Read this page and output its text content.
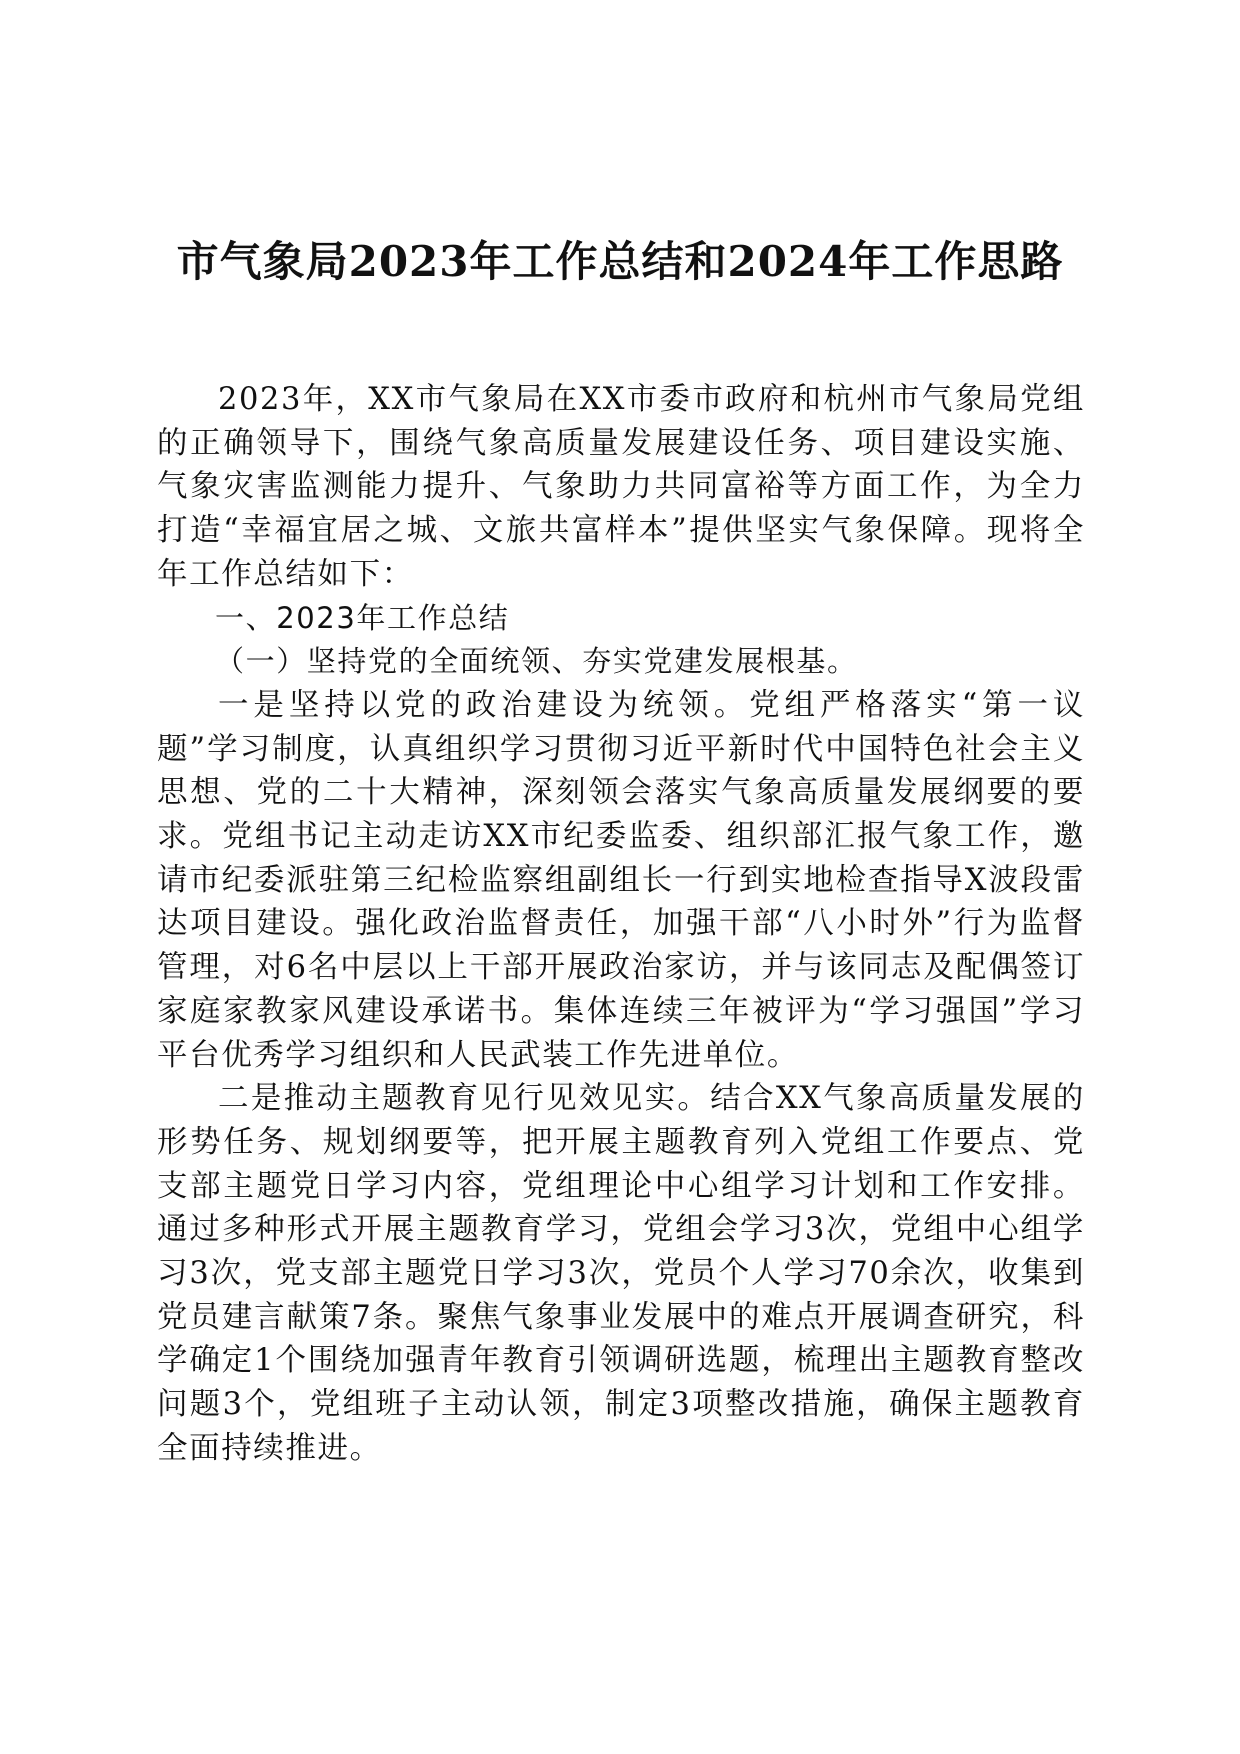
市气象局2023年工作总结和2024年工作思路

2023年，XX市气象局在XX市委市政府和杭州市气象局党组的正确领导下，围绕气象高质量发展建设任务、项目建设实施、气象灾害监测能力提升、气象助力共同富裕等方面工作，为全力打造“幸福宜居之城、文旅共富样本”提供坚实气象保障。现将全年工作总结如下：

一、2023年工作总结

（一）坚持党的全面统领、夯实党建发展根基。

一是坚持以党的政治建设为统领。党组严格落实“第一议题”学习制度，认真组织学习贯彻习近平新时代中国特色社会主义思想、党的二十大精神，深刻领会落实气象高质量发展纲要的要求。党组书记主动走访XX市纪委监委、组织部汇报气象工作，邀请市纪委派驻第三纪检监察组副组长一行到实地检查指导X波段雷达项目建设。强化政治监督责任，加强干部“八小时外”行为监督管理，对6名中层以上干部开展政治家访，并与该同志及配偶签订家庭家教家风建设承诺书。集体连续三年被评为“学习强国”学习平台优秀学习组织和人民武装工作先进单位。

二是推动主题教育见行见效见实。结合XX气象高质量发展的形势任务、规划纲要等，把开展主题教育列入党组工作要点、党支部主题党日学习内容，党组理论中心组学习计划和工作安排。通过多种形式开展主题教育学习，党组会学习3次，党组中心组学习3次，党支部主题党日学习3次，党员个人学习70余次，收集到党员建言献策7条。聚焦气象事业发展中的难点开展调查研究，科学确定1个围绕加强青年教育引领调研选题，梳理出主题教育整改问题3个，党组班子主动认领，制定3项整改措施，确保主题教育全面持续推进。
